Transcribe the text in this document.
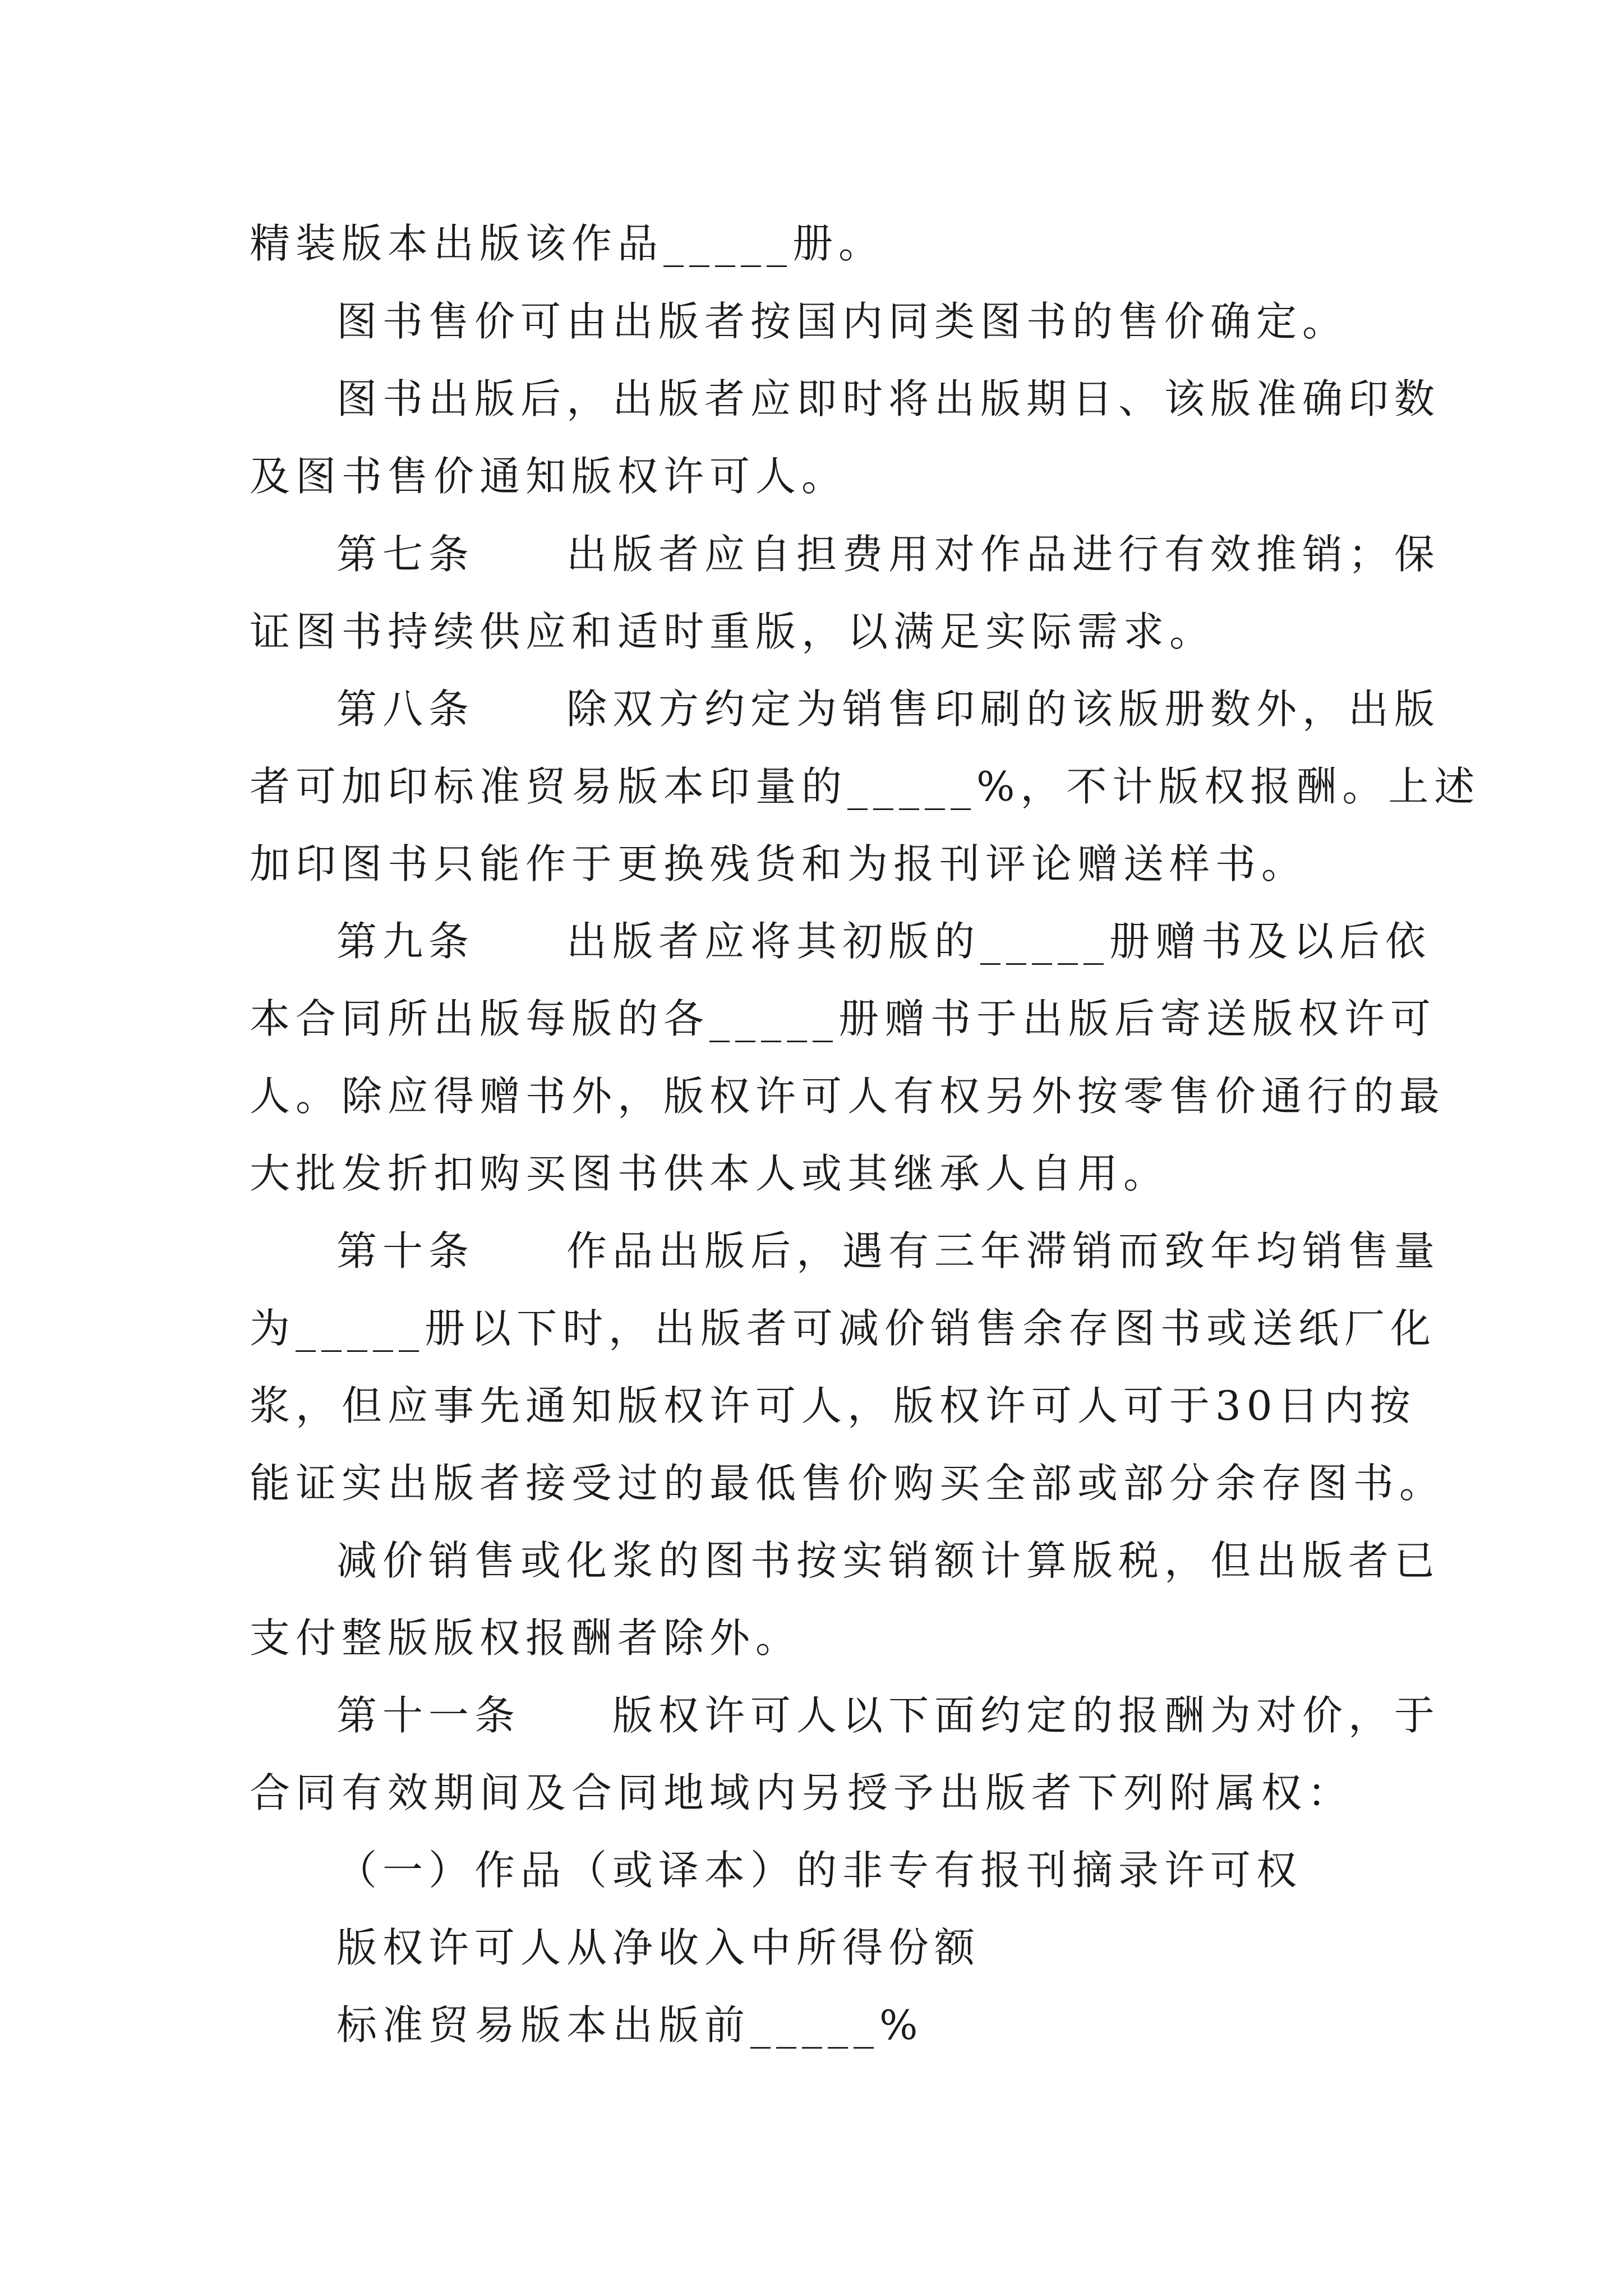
精装版本出版该作品_____册。
图书售价可由出版者按国内同类图书的售价确定。
图书出版后，出版者应即时将出版期日、该版准确印数
及图书售价通知版权许可人。
第七条　　出版者应自担费用对作品进行有效推销；保
证图书持续供应和适时重版，以满足实际需求。
第八条　　除双方约定为销售印刷的该版册数外，出版
者可加印标准贸易版本印量的_____%，不计版权报酬。上述
加印图书只能作于更换残货和为报刊评论赠送样书。
第九条　　出版者应将其初版的_____册赠书及以后依
本合同所出版每版的各_____册赠书于出版后寄送版权许可
人。除应得赠书外，版权许可人有权另外按零售价通行的最
大批发折扣购买图书供本人或其继承人自用。
第十条　　作品出版后，遇有三年滞销而致年均销售量
为_____册以下时，出版者可减价销售余存图书或送纸厂化
浆，但应事先通知版权许可人，版权许可人可于30日内按
能证实出版者接受过的最低售价购买全部或部分余存图书。
减价销售或化浆的图书按实销额计算版税，但出版者已
支付整版版权报酬者除外。
第十一条　　版权许可人以下面约定的报酬为对价，于
合同有效期间及合同地域内另授予出版者下列附属权：
（一）作品（或译本）的非专有报刊摘录许可权
版权许可人从净收入中所得份额
标准贸易版本出版前_____%
